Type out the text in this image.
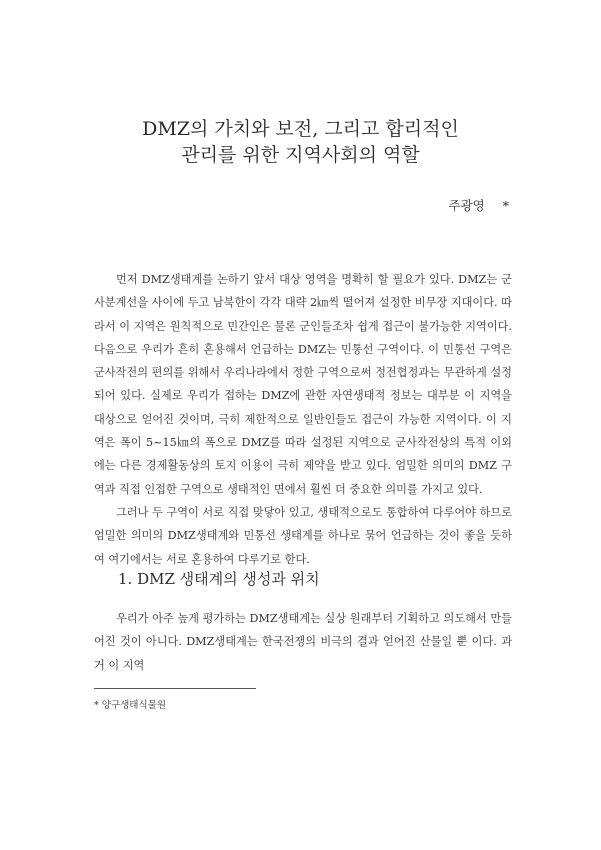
DMZ의 가치와 보전, 그리고 합리적인
관리를 위한 지역사회의 역할
주광영 *

먼저 DMZ생태계를 논하기 앞서 대상 영역을 명확히 할 필요가 있다. DMZ는 군사분계선을 사이에 두고 남북한이 각각 대략 2㎞씩 떨어져 설정한 비무장 지대이다. 따라서 이 지역은 원칙적으로 민간인은 물론 군인들조차 쉽게 접근이 불가능한 지역이다. 다음으로 우리가 흔히 혼용해서 언급하는 DMZ는 민통선 구역이다. 이 민통선 구역은 군사작전의 편의를 위해서 우리나라에서 정한 구역으로써 정전협정과는 무관하게 설정되어 있다. 실제로 우리가 접하는 DMZ에 관한 자연생태적 정보는 대부분 이 지역을 대상으로 얻어진 것이며, 극히 제한적으로 일반인들도 접근이 가능한 지역이다. 이 지역은 폭이 5~15㎞의 폭으로 DMZ를 따라 설정된 지역으로 군사작전상의 특적 이외에는 다른 경제활동상의 토지 이용이 극히 제약을 받고 있다. 엄밀한 의미의 DMZ 구역과 직접 인접한 구역으로 생태적인 면에서 훨씬 더 중요한 의미를 가지고 있다.

그러나 두 구역이 서로 직접 맞닿아 있고, 생태적으로도 통합하여 다루어야 하므로 엄밀한 의미의 DMZ생태계와 민통선 생태계를 하나로 묶어 언급하는 것이 좋을 듯하여 여기에서는 서로 혼용하여 다루기로 한다.

1. DMZ 생태계의 생성과 위치

우리가 아주 높게 평가하는 DMZ생태계는 실상 원래부터 기획하고 의도해서 만들어진 것이 아니다. DMZ생태계는 한국전쟁의 비극의 결과 얻어진 산물일 뿐 이다. 과거 이 지역

* 양구생태식물원
